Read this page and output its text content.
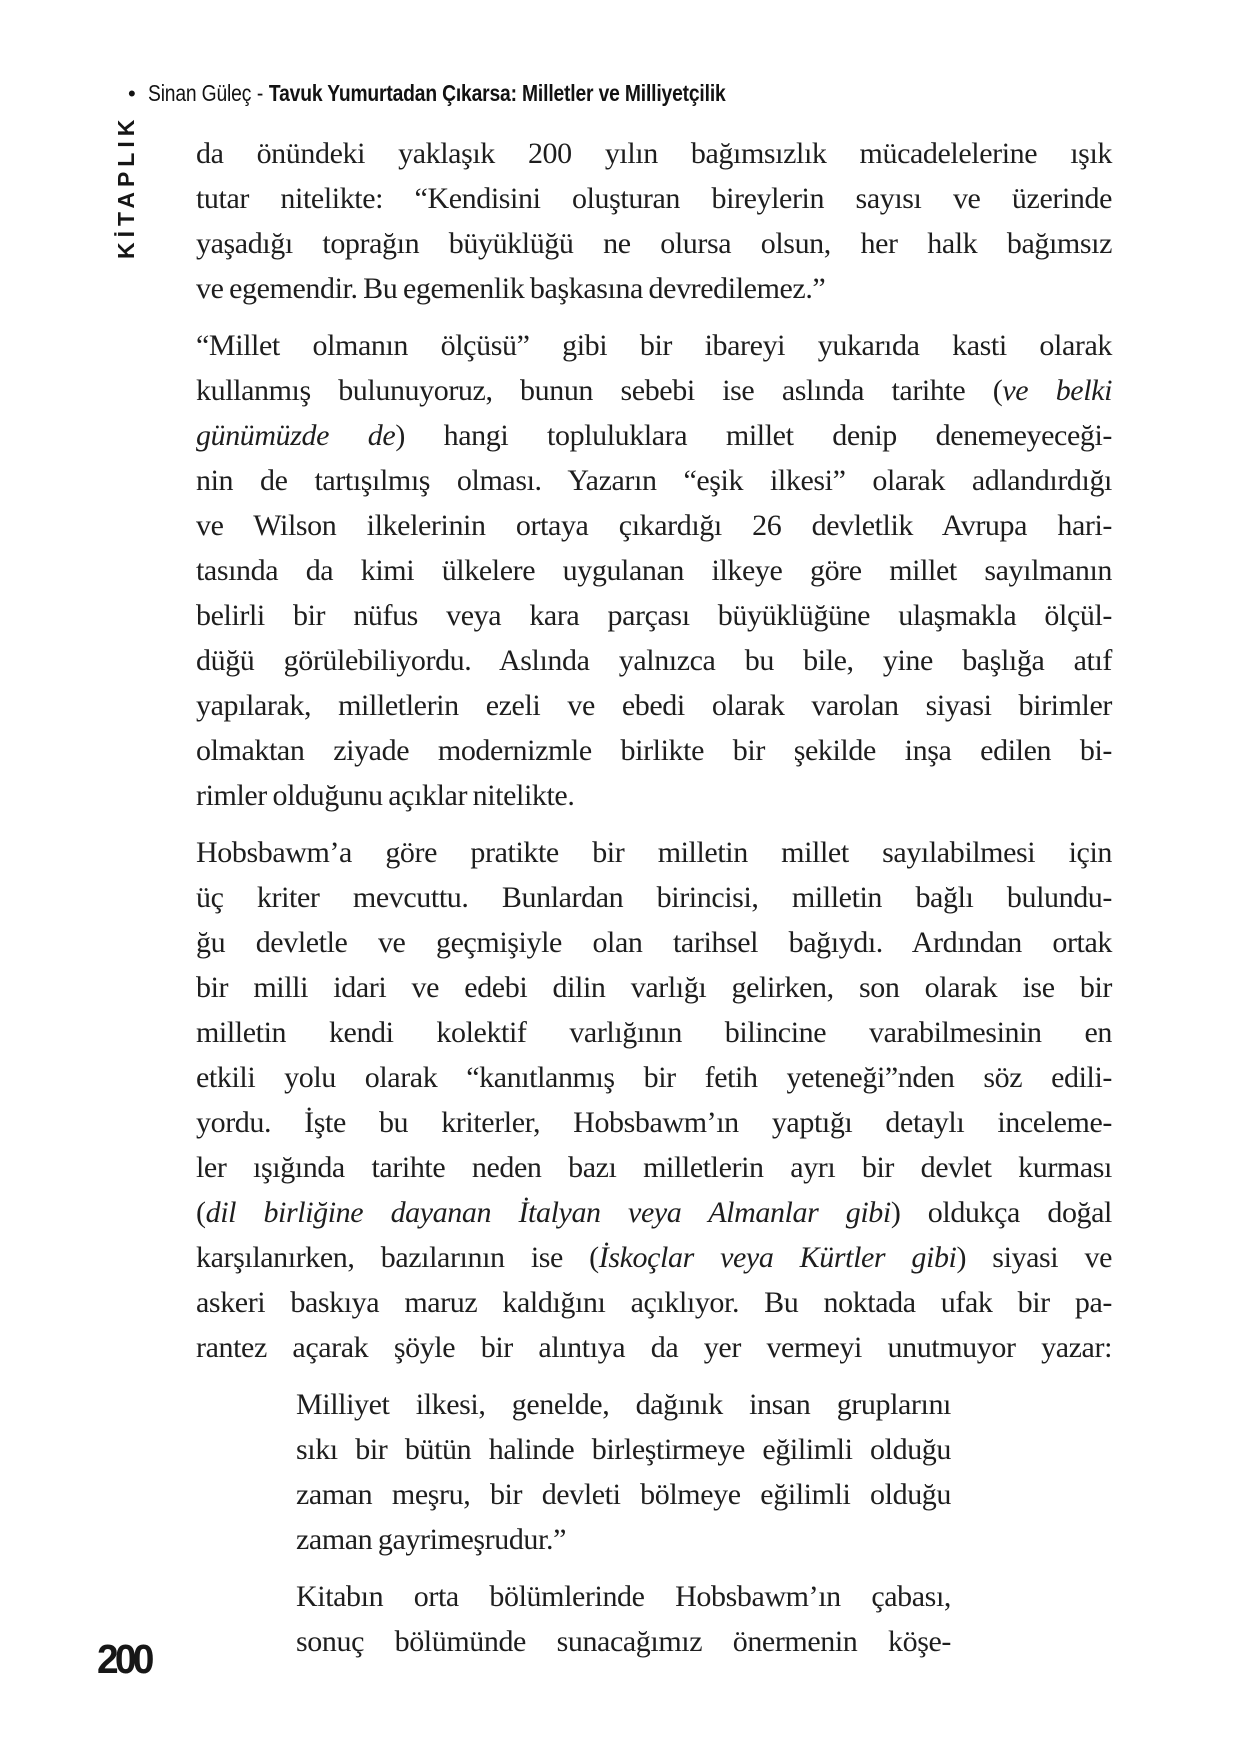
• Sinan Güleç - Tavuk Yumurtadan Çıkarsa: Milletler ve Milliyetçilik
KİTAPLIK da önündeki yaklaşık 200 yılın bağımsızlık mücadelelerine ışık
tutar nitelikte: “Kendisini oluşturan bireylerin sayısı ve üzerinde
yaşadığı toprağın büyüklüğü ne olursa olsun, her halk bağımsız
ve egemendir. Bu egemenlik başkasına devredilemez.”
“Millet olmanın ölçüsü” gibi bir ibareyi yukarıda kasti olarak
kullanmış bulunuyoruz, bunun sebebi ise aslında tarihte (ve belki
günümüzde de) hangi topluluklara millet denip denemeyeceği-
nin de tartışılmış olması. Yazarın “eşik ilkesi” olarak adlandırdığı
ve Wilson ilkelerinin ortaya çıkardığı 26 devletlik Avrupa hari-
tasında da kimi ülkelere uygulanan ilkeye göre millet sayılmanın
belirli bir nüfus veya kara parçası büyüklüğüne ulaşmakla ölçül-
düğü görülebiliyordu. Aslında yalnızca bu bile, yine başlığa atıf
yapılarak, milletlerin ezeli ve ebedi olarak varolan siyasi birimler
olmaktan ziyade modernizmle birlikte bir şekilde inşa edilen bi-
rimler olduğunu açıklar nitelikte.
Hobsbawm’a göre pratikte bir milletin millet sayılabilmesi için
üç kriter mevcuttu. Bunlardan birincisi, milletin bağlı bulundu-
ğu devletle ve geçmişiyle olan tarihsel bağıydı. Ardından ortak
bir milli idari ve edebi dilin varlığı gelirken, son olarak ise bir
milletin kendi kolektif varlığının bilincine varabilmesinin en
etkili yolu olarak “kanıtlanmış bir fetih yeteneği”nden söz edili-
yordu. İşte bu kriterler, Hobsbawm’ın yaptığı detaylı inceleme-
ler ışığında tarihte neden bazı milletlerin ayrı bir devlet kurması
(dil birliğine dayanan İtalyan veya Almanlar gibi) oldukça doğal
karşılanırken, bazılarının ise (İskoçlar veya Kürtler gibi) siyasi ve
askeri baskıya maruz kaldığını açıklıyor. Bu noktada ufak bir pa-
rantez açarak şöyle bir alıntıya da yer vermeyi unutmuyor yazar:
Milliyet ilkesi, genelde, dağınık insan gruplarını
sıkı bir bütün halinde birleştirmeye eğilimli olduğu
zaman meşru, bir devleti bölmeye eğilimli olduğu
zaman gayrimeşrudur.”
Kitabın orta bölümlerinde Hobsbawm’ın çabası,
sonuç bölümünde sunacağımız önermenin köşe-
200
